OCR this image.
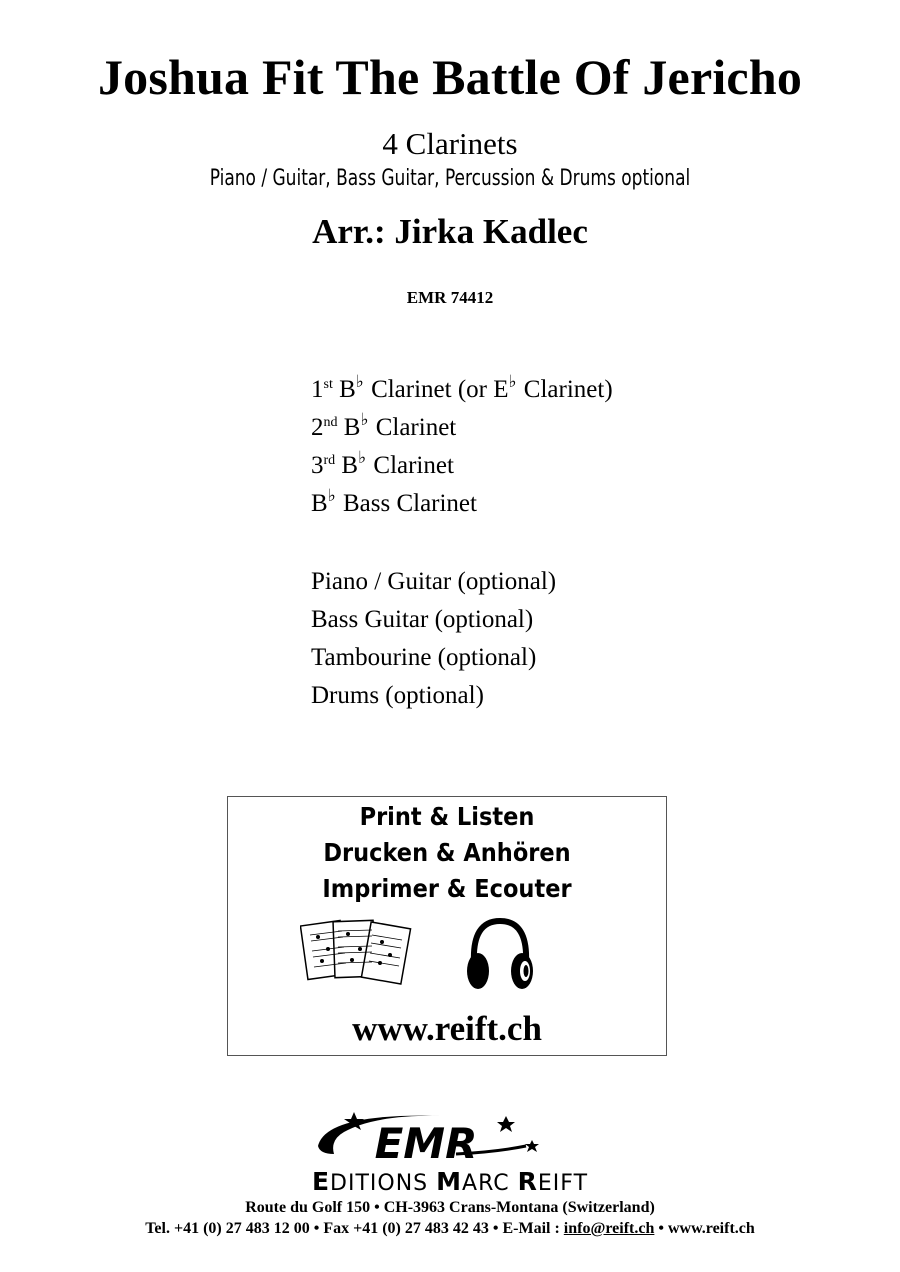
Joshua Fit The Battle Of Jericho
4 Clarinets
Piano / Guitar, Bass Guitar, Percussion & Drums optional
Arr.: Jirka Kadlec
EMR 74412
1st B♭ Clarinet (or E♭ Clarinet)
2nd B♭ Clarinet
3rd B♭ Clarinet
B♭ Bass Clarinet
Piano / Guitar (optional)
Bass Guitar (optional)
Tambourine (optional)
Drums (optional)
Print & Listen
Drucken & Anhören
Imprimer & Ecouter
www.reift.ch
EMR
EDITIONS MARC REIFT
Route du Golf 150 • CH-3963 Crans-Montana (Switzerland)
Tel. +41 (0) 27 483 12 00 • Fax +41 (0) 27 483 42 43 • E-Mail : info@reift.ch • www.reift.ch
